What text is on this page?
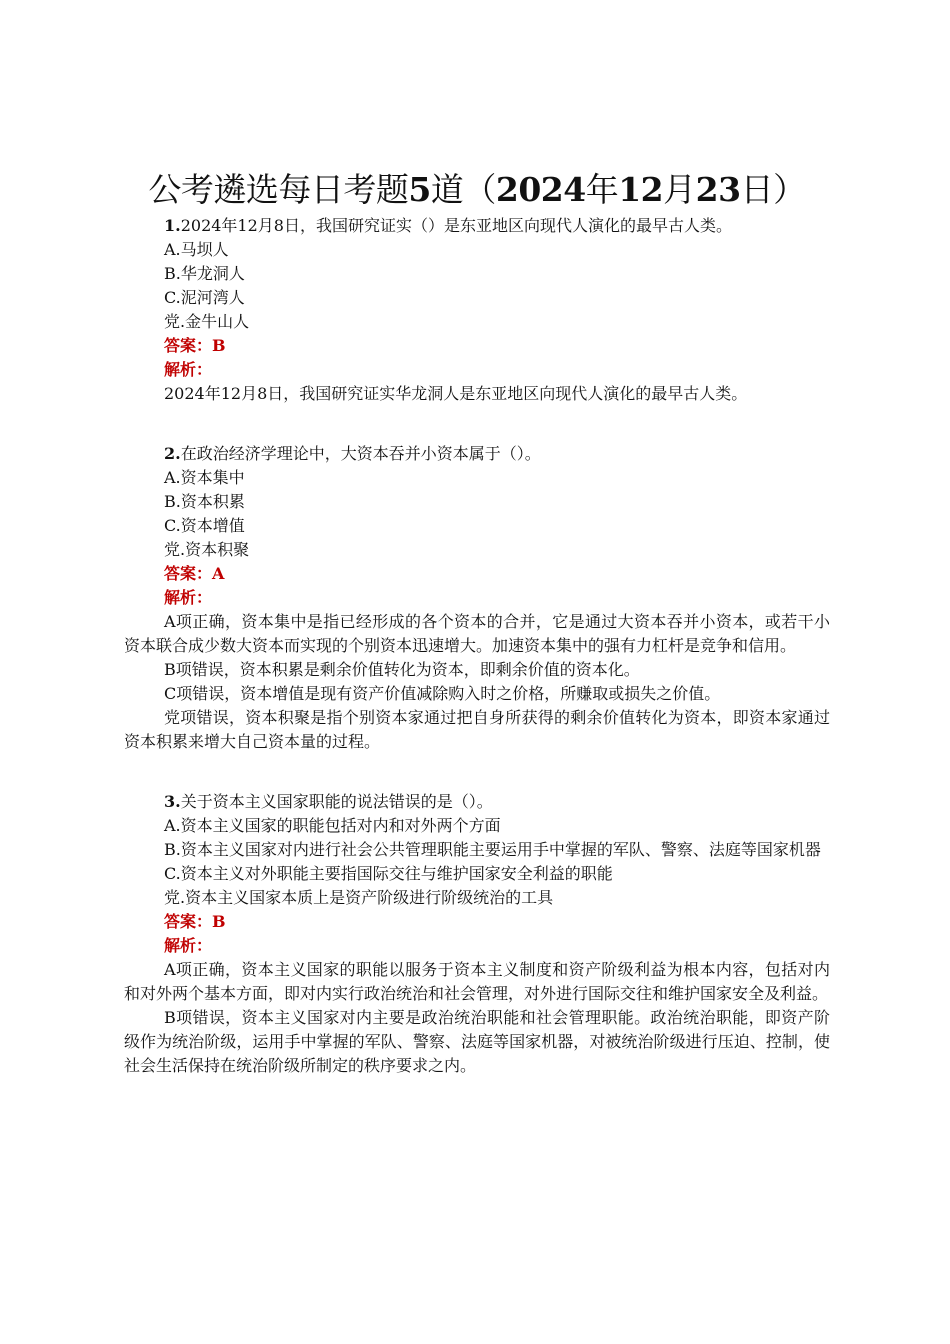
公考遴选每日考题5道（2024年12月23日）

1.2024年12月8日，我国研究证实（）是东亚地区向现代人演化的最早古人类。

A.马坝人

B.华龙洞人

C.泥河湾人

党.金牛山人

答案：B

解析：

2024年12月8日，我国研究证实华龙洞人是东亚地区向现代人演化的最早古人类。

2.在政治经济学理论中，大资本吞并小资本属于（）。

A.资本集中

B.资本积累

C.资本增值

党.资本积聚

答案：A

解析：

A项正确，资本集中是指已经形成的各个资本的合并，它是通过大资本吞并小资本，或若干小资本联合成少数大资本而实现的个别资本迅速增大。加速资本集中的强有力杠杆是竞争和信用。

B项错误，资本积累是剩余价值转化为资本，即剩余价值的资本化。

C项错误，资本增值是现有资产价值减除购入时之价格，所赚取或损失之价值。

党项错误，资本积聚是指个别资本家通过把自身所获得的剩余价值转化为资本，即资本家通过资本积累来增大自己资本量的过程。

3.关于资本主义国家职能的说法错误的是（）。

A.资本主义国家的职能包括对内和对外两个方面

B.资本主义国家对内进行社会公共管理职能主要运用手中掌握的军队、警察、法庭等国家机器

C.资本主义对外职能主要指国际交往与维护国家安全利益的职能

党.资本主义国家本质上是资产阶级进行阶级统治的工具

答案：B

解析：

A项正确，资本主义国家的职能以服务于资本主义制度和资产阶级利益为根本内容，包括对内和对外两个基本方面，即对内实行政治统治和社会管理，对外进行国际交往和维护国家安全及利益。

B项错误，资本主义国家对内主要是政治统治职能和社会管理职能。政治统治职能，即资产阶级作为统治阶级，运用手中掌握的军队、警察、法庭等国家机器，对被统治阶级进行压迫、控制，使社会生活保持在统治阶级所制定的秩序要求之内。
